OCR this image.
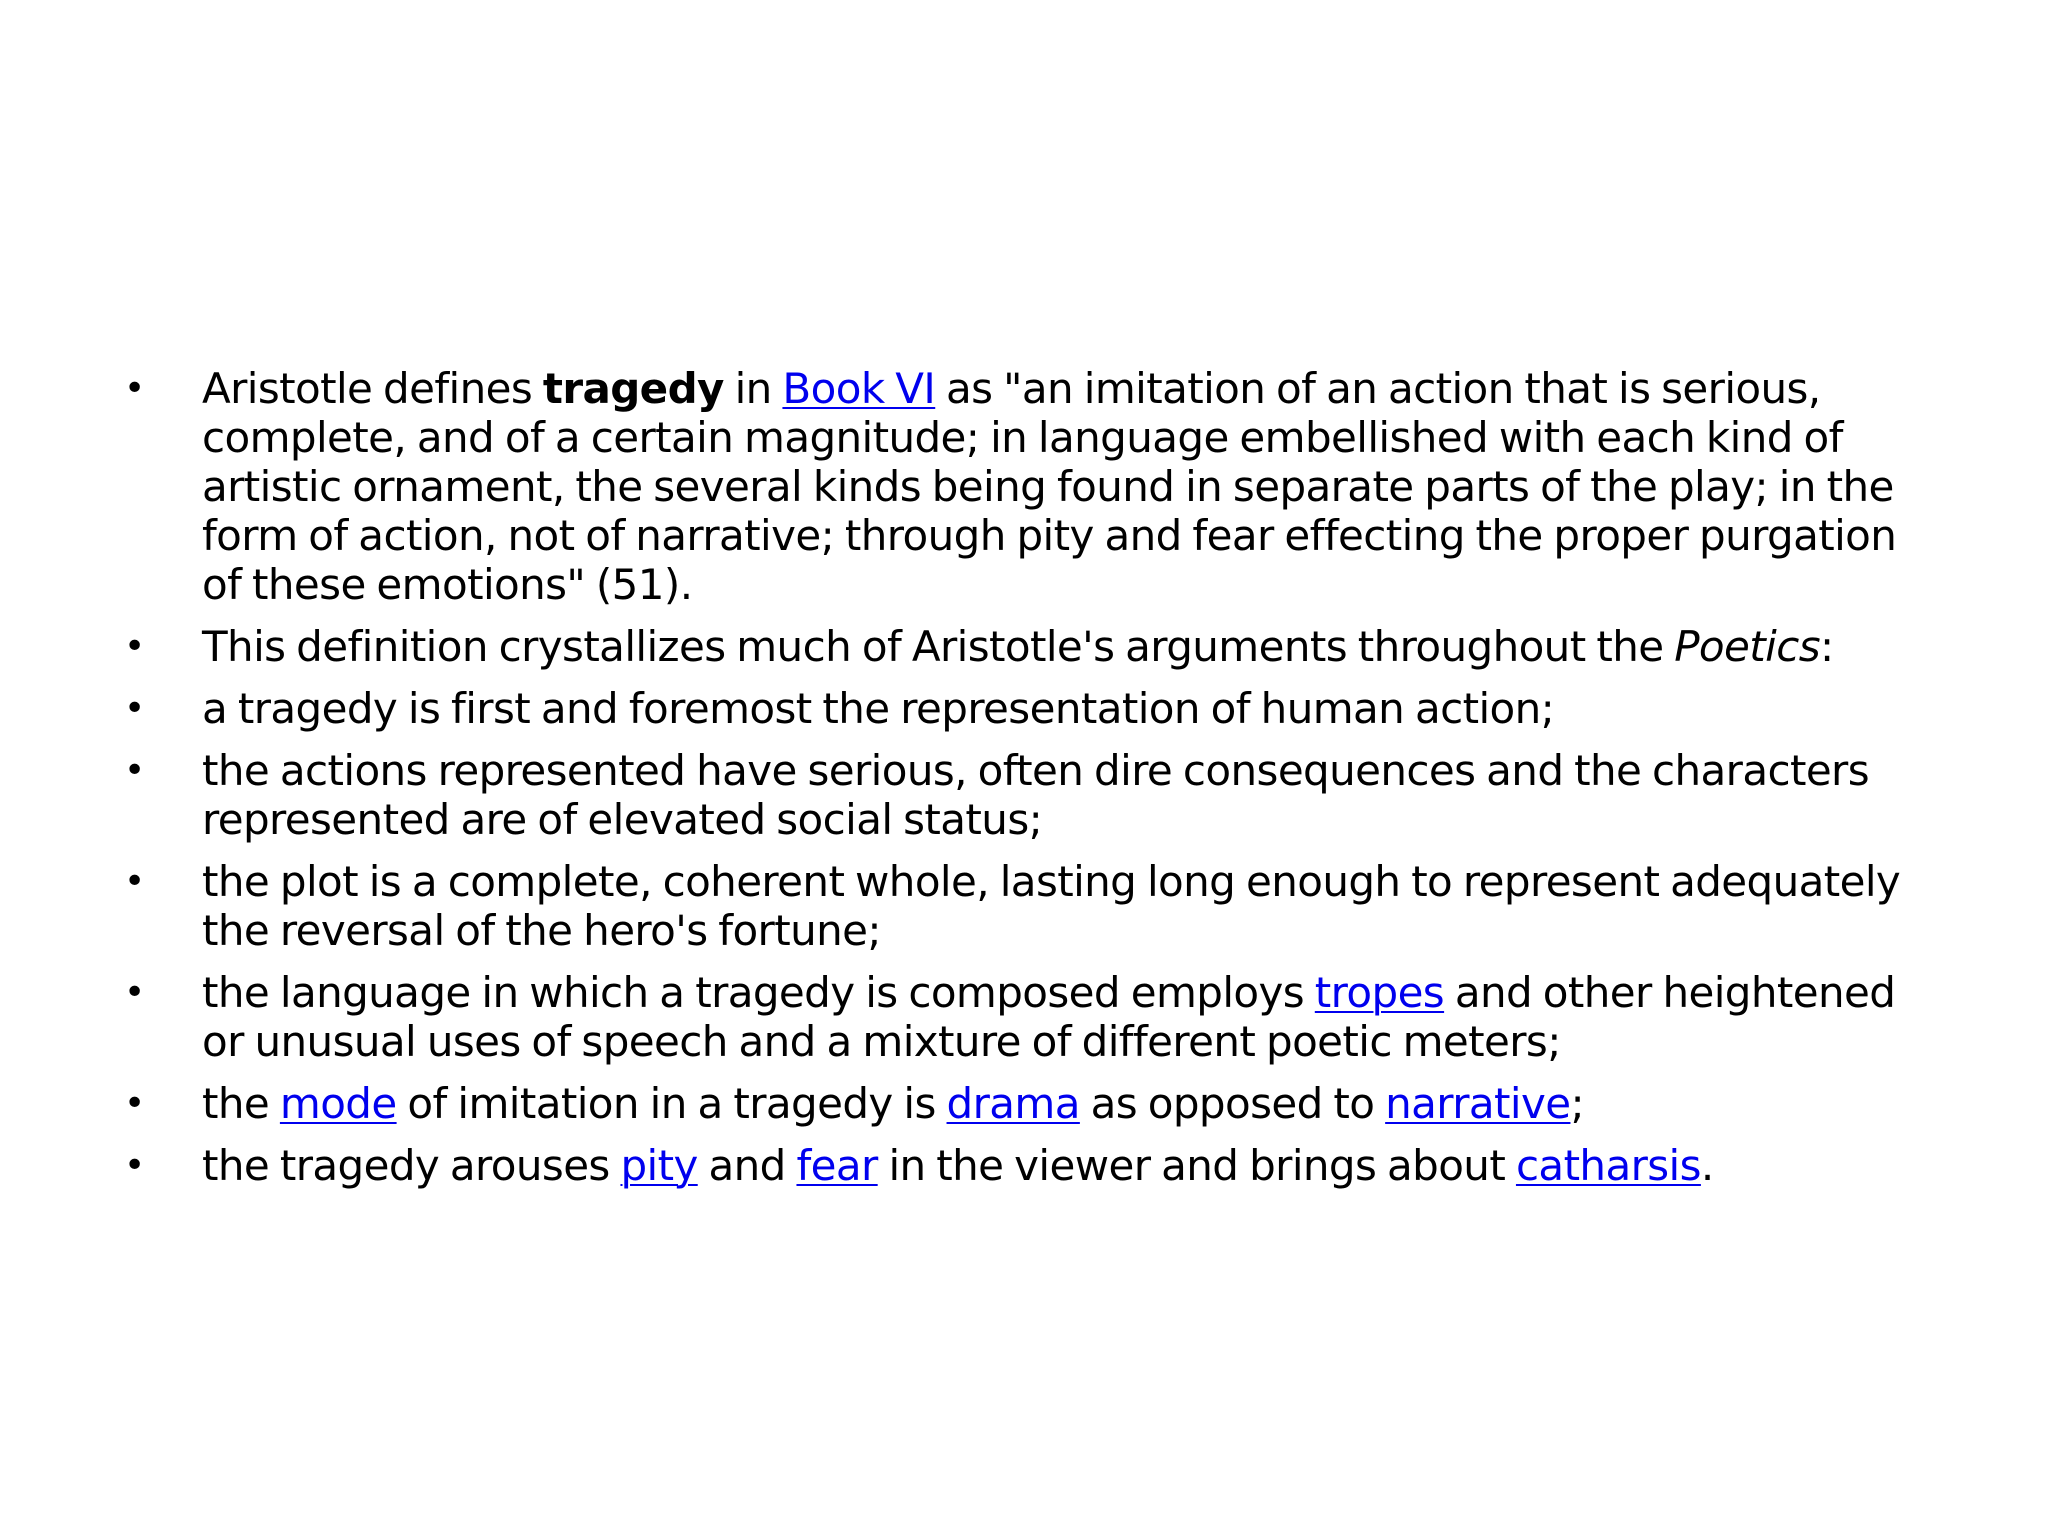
• Aristotle defines tragedy in Book VI as "an imitation of an action that is serious, complete, and of a certain magnitude; in language embellished with each kind of artistic ornament, the several kinds being found in separate parts of the play; in the form of action, not of narrative; through pity and fear effecting the proper purgation of these emotions" (51).
• This definition crystallizes much of Aristotle's arguments throughout the Poetics:
• a tragedy is first and foremost the representation of human action;
• the actions represented have serious, often dire consequences and the characters represented are of elevated social status;
• the plot is a complete, coherent whole, lasting long enough to represent adequately the reversal of the hero's fortune;
• the language in which a tragedy is composed employs tropes and other heightened or unusual uses of speech and a mixture of different poetic meters;
• the mode of imitation in a tragedy is drama as opposed to narrative;
• the tragedy arouses pity and fear in the viewer and brings about catharsis.
